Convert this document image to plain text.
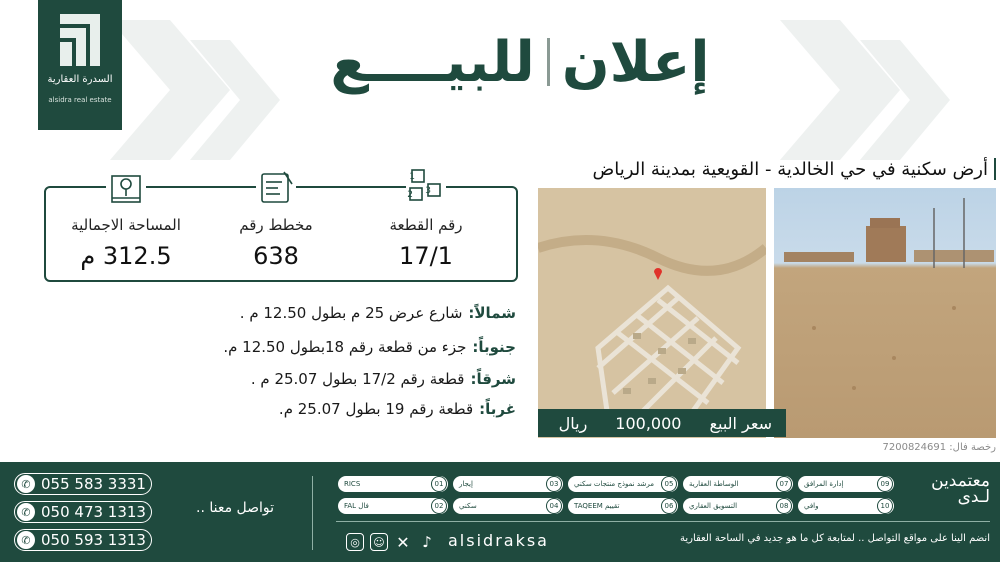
السدرة العقارية
alsidra real estate
إعلان
للبيــــع
أرض سكنية في حي الخالدية - القويعية بمدينة الرياض
1
2 3
رقم القطعة
17/1
مخطط رقم
638
المساحة الاجمالية
312.5 م
شمالاً:شارع عرض 25 م بطول 12.50 م .
جنوباً:جزء من قطعة رقم 18بطول 12.50 م.
شرقاً:قطعة رقم 17/2 بطول 25.07 م .
غرباً:قطعة رقم 19 بطول 25.07 م.
سعر البيع
100,000
ريال
رخصة فال: 7200824691
✆ 055 583 3331
✆ 050 473 1313
✆ 050 593 1313
تواصل معنا ..
RICS	01
فال FAL	02
إيجار	03
سكني	04
مرشد نموذج منتجات سكني	05
تقييم TAQEEM	06
الوساطة العقارية	07
التسويق العقاري	08
إدارة المرافق	09
وافي	10
معتمدين لـدى
◎	☺ ✕ ♪ alsidraksa	انضم الينا على مواقع التواصل .. لمتابعة كل ما هو جديد في الساحة العقارية
